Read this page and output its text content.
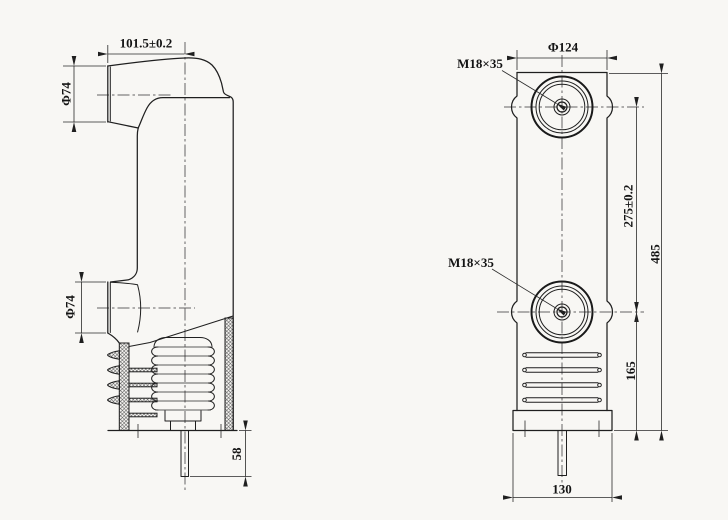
101.5±0.2
Φ74
Φ74
58
Φ124
M18×35
M18×35
275±0.2
165
485
130
